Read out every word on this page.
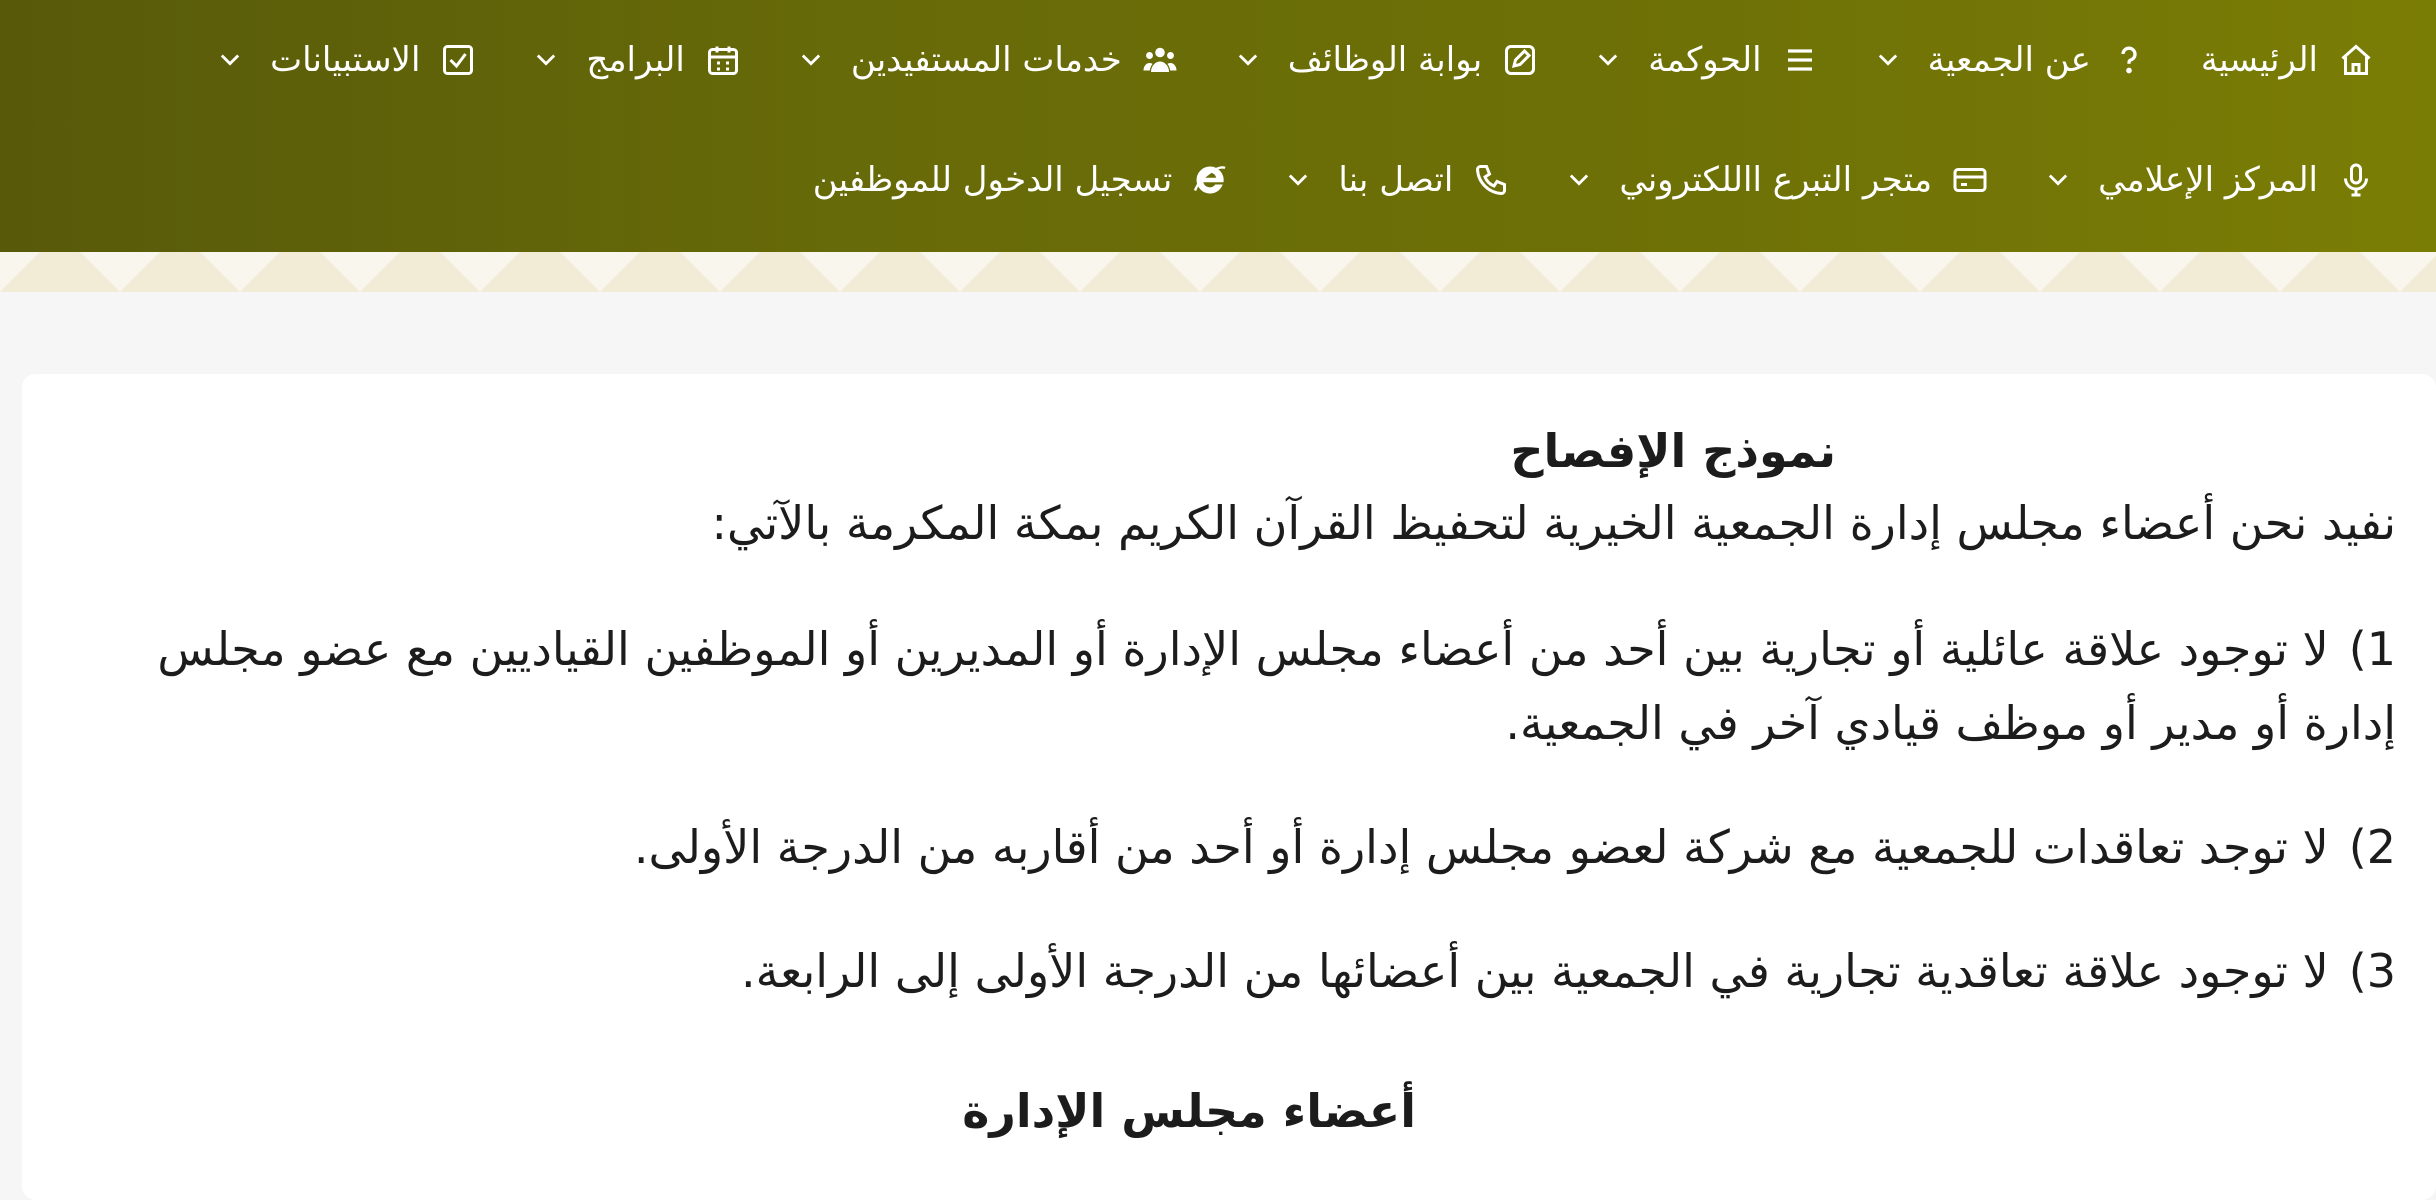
الرئيسية
عن الجمعية
الحوكمة
بوابة الوظائف
خدمات المستفيدين
البرامج
الاستبيانات
المركز الإعلامي
متجر التبرع االلكتروني
اتصل بنا
تسجيل الدخول للموظفين
نموذج الإفصاح
نفيد نحن أعضاء مجلس إدارة الجمعية الخيرية لتحفيظ القرآن الكريم بمكة المكرمة بالآتي:
1)لا توجود علاقة عائلية أو تجارية بين أحد من أعضاء مجلس الإدارة أو المديرين أو الموظفين القياديين مع عضو مجلس إدارة أو مدير أو موظف قيادي آخر في الجمعية.
2)لا توجد تعاقدات للجمعية مع شركة لعضو مجلس إدارة أو أحد من أقاربه من الدرجة الأولى.
3)لا توجود علاقة تعاقدية تجارية في الجمعية بين أعضائها من الدرجة الأولى إلى الرابعة.
أعضاء مجلس الإدارة
